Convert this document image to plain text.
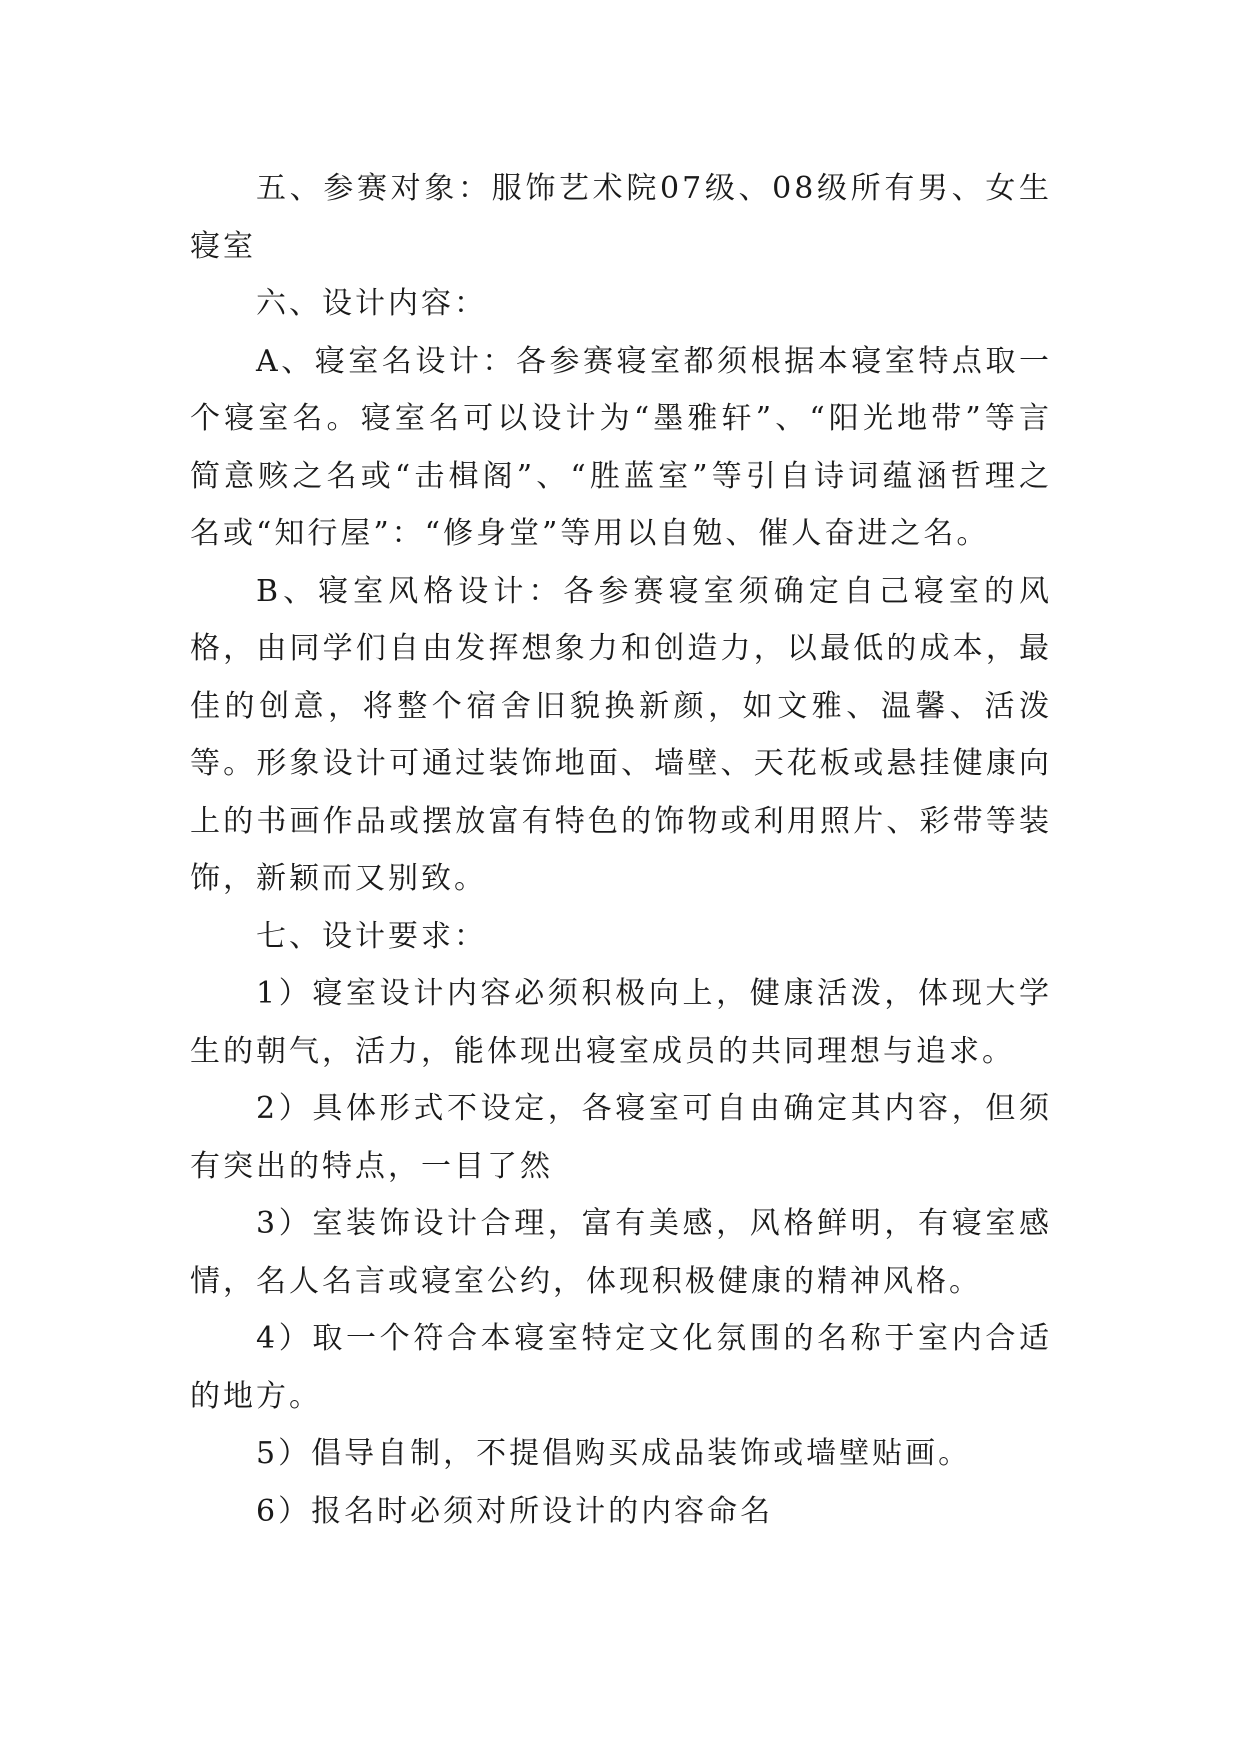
五、参赛对象：服饰艺术院07级、08级所有男、女生寝室

六、设计内容：

A、寝室名设计：各参赛寝室都须根据本寝室特点取一个寝室名。寝室名可以设计为“墨雅轩”、“阳光地带”等言简意赅之名或“击楫阁”、“胜蓝室”等引自诗词蕴涵哲理之名或“知行屋”：“修身堂”等用以自勉、催人奋进之名。

B、寝室风格设计：各参赛寝室须确定自己寝室的风格，由同学们自由发挥想象力和创造力，以最低的成本，最佳的创意，将整个宿舍旧貌换新颜，如文雅、温馨、活泼等。形象设计可通过装饰地面、墙壁、天花板或悬挂健康向上的书画作品或摆放富有特色的饰物或利用照片、彩带等装饰，新颖而又别致。

七、设计要求：

1）寝室设计内容必须积极向上，健康活泼，体现大学生的朝气，活力，能体现出寝室成员的共同理想与追求。

2）具体形式不设定，各寝室可自由确定其内容，但须有突出的特点，一目了然

3）室装饰设计合理，富有美感，风格鲜明，有寝室感情，名人名言或寝室公约，体现积极健康的精神风格。

4）取一个符合本寝室特定文化氛围的名称于室内合适的地方。

5）倡导自制，不提倡购买成品装饰或墙壁贴画。

6）报名时必须对所设计的内容命名
